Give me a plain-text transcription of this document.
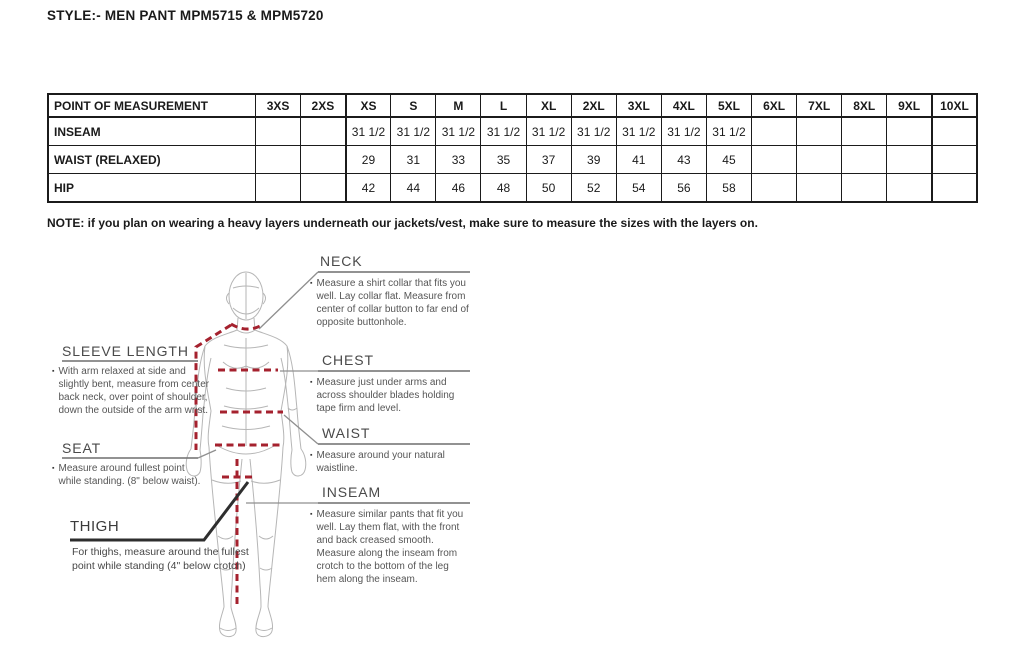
STYLE:- MEN PANT MPM5715 & MPM5720
POINT OF MEASUREMENT	3XS	2XS	XS	S	M	L	XL	2XL	3XL	4XL	5XL	6XL	7XL	8XL	9XL	10XL
INSEAM			31 1/2	31 1/2	31 1/2	31 1/2	31 1/2	31 1/2	31 1/2	31 1/2	31 1/2					
WAIST (RELAXED)			29	31	33	35	37	39	41	43	45					
HIP			42	44	46	48	50	52	54	56	58					
NOTE: if you plan on wearing a heavy layers underneath our jackets/vest, make sure to measure the sizes with the layers on.
NECK
▪ Measure a shirt collar that fits you well. Lay collar flat. Measure from center of collar button to far end of opposite buttonhole.
SLEEVE LENGTH
▪ With arm relaxed at side and slightly bent, measure from center back neck, over point of shoulder, down the outside of the arm wrist.
CHEST
▪ Measure just under arms and across shoulder blades holding tape firm and level.
WAIST
▪ Measure around your natural waistline.
SEAT
▪ Measure around fullest point while standing. (8" below waist).
INSEAM
▪ Measure similar pants that fit you well. Lay them flat, with the front and back creased smooth. Measure along the inseam from crotch to the bottom of the leg hem along the inseam.
THIGH
For thighs, measure around the fullest point while standing (4" below crotch)
